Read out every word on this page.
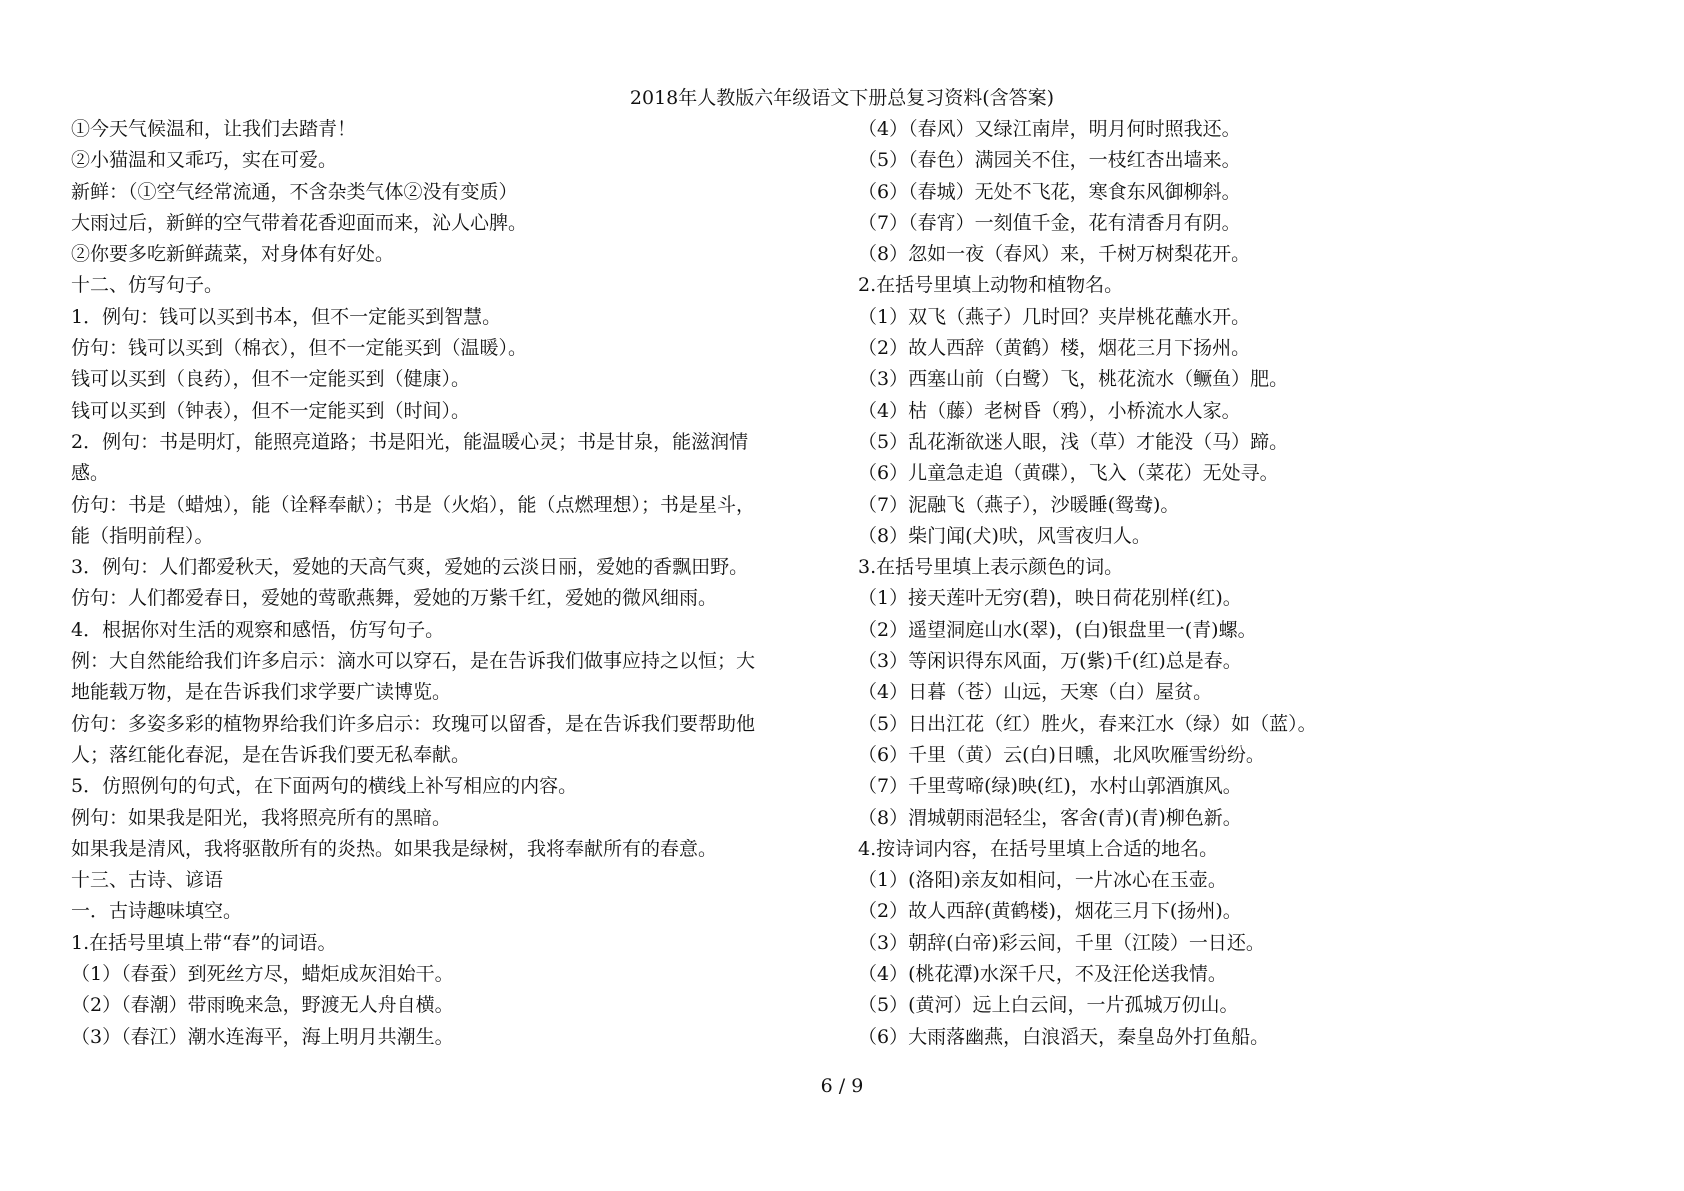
2018年人教版六年级语文下册总复习资料(含答案)
①今天气候温和，让我们去踏青！
②小猫温和又乖巧，实在可爱。
新鲜：（①空气经常流通，不含杂类气体②没有变质）
大雨过后，新鲜的空气带着花香迎面而来，沁人心脾。
②你要多吃新鲜蔬菜，对身体有好处。
十二、仿写句子。
1．例句：钱可以买到书本，但不一定能买到智慧。
仿句：钱可以买到（棉衣），但不一定能买到（温暖）。
钱可以买到（良药），但不一定能买到（健康）。
钱可以买到（钟表），但不一定能买到（时间）。
2．例句：书是明灯，能照亮道路；书是阳光，能温暖心灵；书是甘泉，能滋润情
感。
仿句：书是（蜡烛），能（诠释奉献）；书是（火焰），能（点燃理想）；书是星斗，
能（指明前程）。
3．例句：人们都爱秋天，爱她的天高气爽，爱她的云淡日丽，爱她的香飘田野。
仿句：人们都爱春日，爱她的莺歌燕舞，爱她的万紫千红，爱她的微风细雨。
4．根据你对生活的观察和感悟，仿写句子。
例：大自然能给我们许多启示：滴水可以穿石，是在告诉我们做事应持之以恒；大
地能载万物，是在告诉我们求学要广读博览。
仿句：多姿多彩的植物界给我们许多启示：玫瑰可以留香，是在告诉我们要帮助他
人；落红能化春泥，是在告诉我们要无私奉献。
5．仿照例句的句式，在下面两句的横线上补写相应的内容。
例句：如果我是阳光，我将照亮所有的黑暗。
如果我是清风，我将驱散所有的炎热。如果我是绿树，我将奉献所有的春意。
十三、古诗、谚语
一．古诗趣味填空。
1.在括号里填上带“春”的词语。
（1）（春蚕）到死丝方尽，蜡炬成灰泪始干。
（2）（春潮）带雨晚来急，野渡无人舟自横。
（3）（春江）潮水连海平，海上明月共潮生。
（4）（春风）又绿江南岸，明月何时照我还。
（5）（春色）满园关不住，一枝红杏出墙来。
（6）（春城）无处不飞花，寒食东风御柳斜。
（7）（春宵）一刻值千金，花有清香月有阴。
（8）忽如一夜（春风）来，千树万树梨花开。
2.在括号里填上动物和植物名。
（1）双飞（燕子）几时回？夹岸桃花蘸水开。
（2）故人西辞（黄鹤）楼，烟花三月下扬州。
（3）西塞山前（白鹭）飞，桃花流水（鳜鱼）肥。
（4）枯（藤）老树昏（鸦），小桥流水人家。
（5）乱花渐欲迷人眼，浅（草）才能没（马）蹄。
（6）儿童急走追（黄碟），飞入（菜花）无处寻。
（7）泥融飞（燕子），沙暖睡(鸳鸯)。
（8）柴门闻(犬)吠，风雪夜归人。
3.在括号里填上表示颜色的词。
（1）接天莲叶无穷(碧)，映日荷花别样(红)。
（2）遥望洞庭山水(翠)，(白)银盘里一(青)螺。
（3）等闲识得东风面，万(紫)千(红)总是春。
（4）日暮（苍）山远，天寒（白）屋贫。
（5）日出江花（红）胜火，春来江水（绿）如（蓝）。
（6）千里（黄）云(白)日曛，北风吹雁雪纷纷。
（7）千里莺啼(绿)映(红)，水村山郭酒旗风。
（8）渭城朝雨浥轻尘，客舍(青)(青)柳色新。
4.按诗词内容，在括号里填上合适的地名。
（1）(洛阳)亲友如相问，一片冰心在玉壶。
（2）故人西辞(黄鹤楼)，烟花三月下(扬州)。
（3）朝辞(白帝)彩云间，千里（江陵）一日还。
（4）(桃花潭)水深千尺，不及汪伦送我情。
（5）(黄河）远上白云间，一片孤城万仞山。
（6）大雨落幽燕，白浪滔天，秦皇岛外打鱼船。
6 / 9
